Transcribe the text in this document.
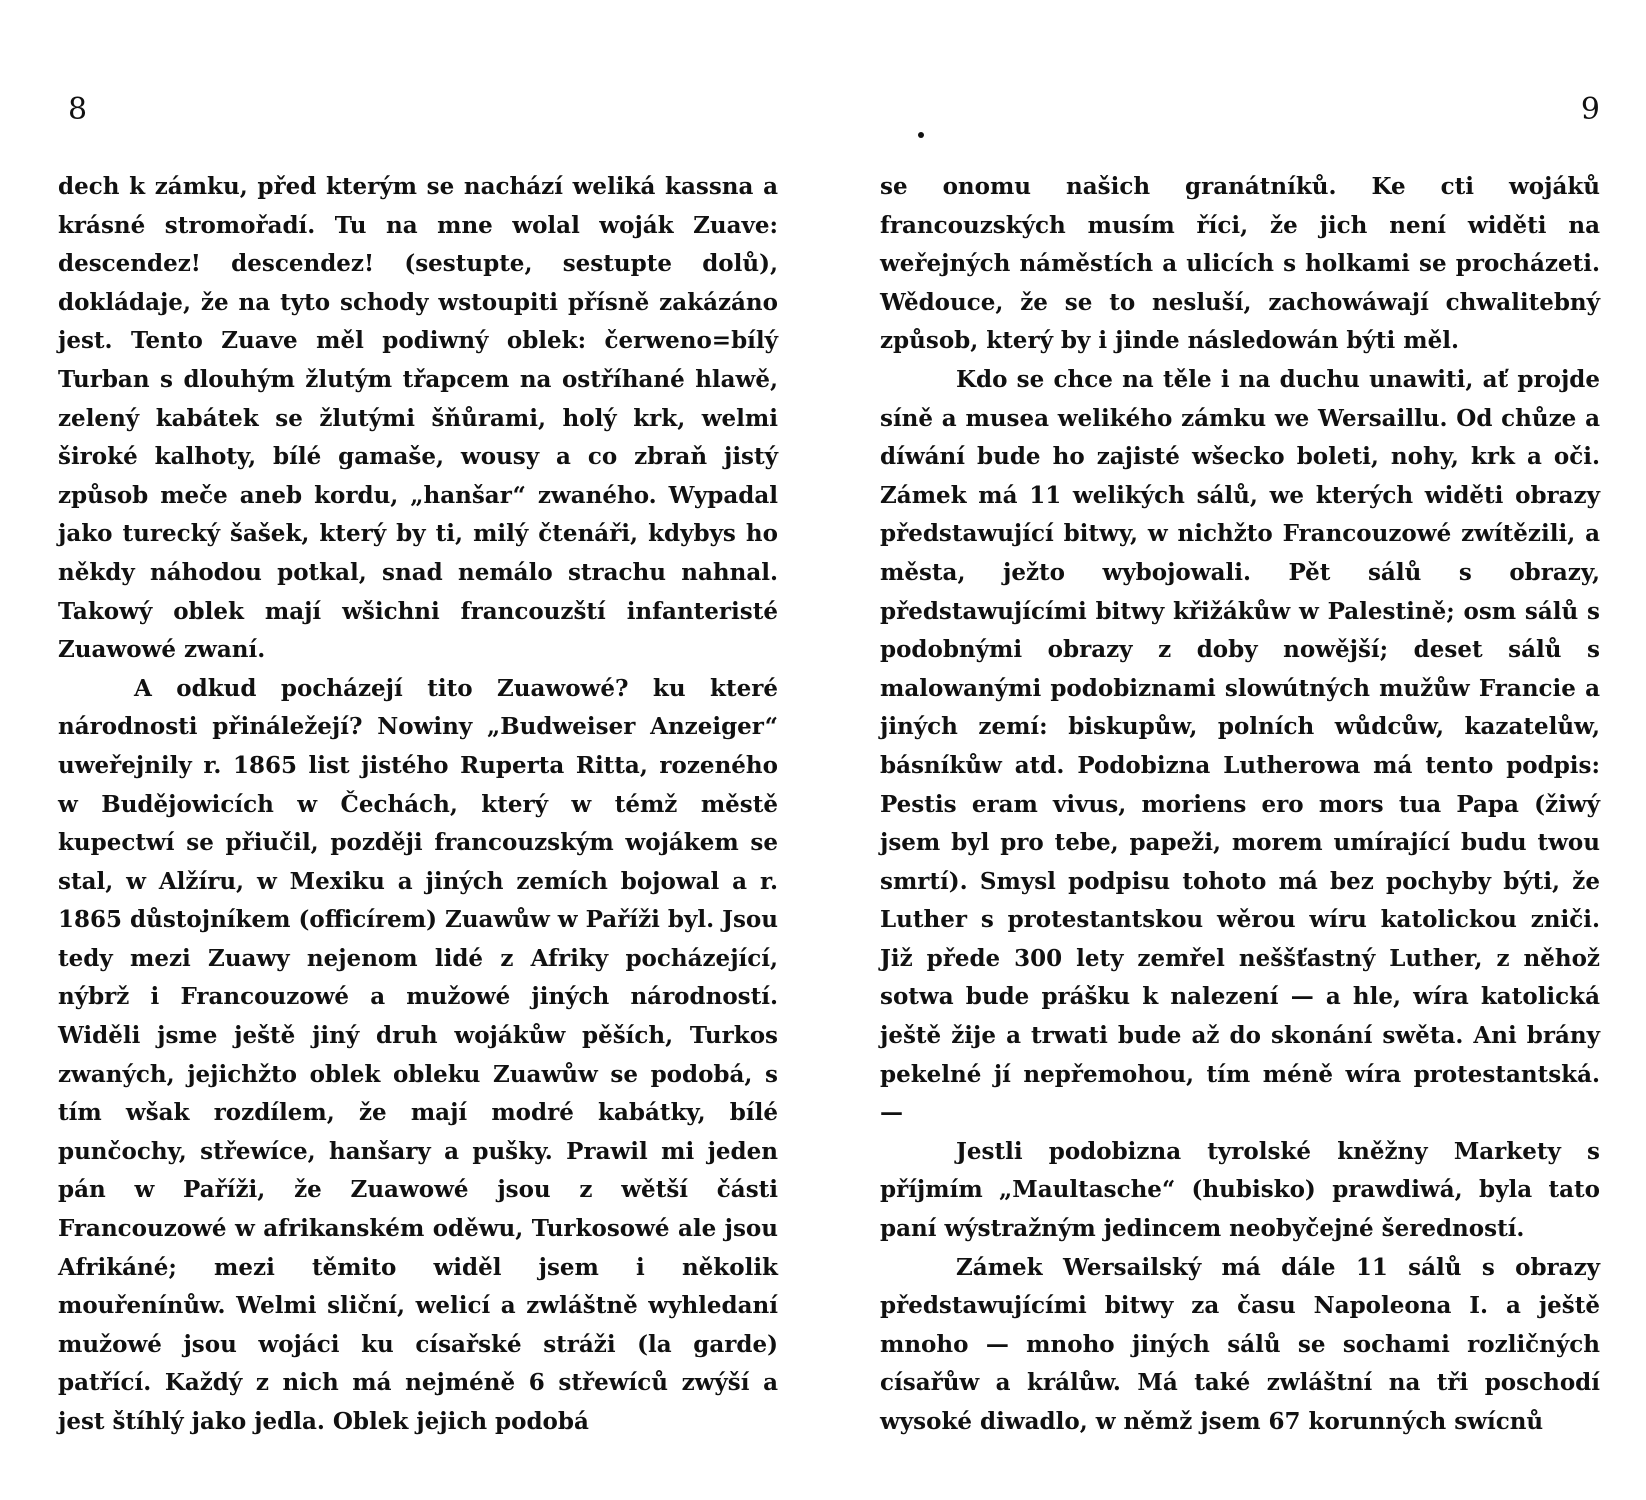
8

dech k zámku, před kterým se nachází weliká kassna a krásné stromořadí. Tu na mne wolal woják Zuave: descendez! descendez! (sestupte, sestupte dolů), dokládaje, že na tyto schody wstoupiti přísně zakázáno jest. Tento Zuave měl podiwný oblek: čerweno=bílý Turban s dlouhým žlutým třapcem na ostříhané hlawě, zelený kabátek se žlutými šňůrami, holý krk, welmi široké kalhoty, bílé gamaše, wousy a co zbraň jistý způsob meče aneb kordu, „hanšar“ zwaného. Wypadal jako turecký šašek, který by ti, milý čtenáři, kdybys ho někdy náhodou potkal, snad nemálo strachu nahnal. Takowý oblek mají wšichni francouzští infanteristé Zuawowé zwaní.

A odkud pocházejí tito Zuawowé? ku které národnosti přináležejí? Nowiny „Budweiser Anzeiger“ uweřejnily r. 1865 list jistého Ruperta Ritta, rozeného w Budějowicích w Čechách, který w témž městě kupectwí se přiučil, později francouzským wojákem se stal, w Alžíru, w Mexiku a jiných zemích bojowal a r. 1865 důstojníkem (officírem) Zuawůw w Paříži byl. Jsou tedy mezi Zuawy nejenom lidé z Afriky pocházející, nýbrž i Francouzowé a mužowé jiných národností. Widěli jsme ještě jiný druh wojákůw pěších, Turkos zwaných, jejichžto oblek obleku Zuawůw se podobá, s tím wšak rozdílem, že mají modré kabátky, bílé punčochy, střewíce, hanšary a pušky. Prawil mi jeden pán w Paříži, že Zuawowé jsou z wětší části Francouzowé w afrikanském oděwu, Turkosowé ale jsou Afrikáné; mezi těmito widěl jsem i několik mouřenínůw. Welmi sliční, welicí a zwláštně wyhledaní mužowé jsou wojáci ku císařské stráži (la garde) patřící. Každý z nich má nejméně 6 střewíců zwýší a jest štíhlý jako jedla. Oblek jejich podobá

9

se onomu našich granátníků. Ke cti wojáků francouzských musím říci, že jich není widěti na weřejných náměstích a ulicích s holkami se procházeti. Wědouce, že se to nesluší, zachowáwají chwalitebný způsob, který by i jinde následowán býti měl.

Kdo se chce na těle i na duchu unawiti, ať projde síně a musea welikého zámku we Wersaillu. Od chůze a díwání bude ho zajisté wšecko boleti, nohy, krk a oči. Zámek má 11 welikých sálů, we kterých widěti obrazy předstawující bitwy, w nichžto Francouzowé zwítězili, a města, ježto wybojowali. Pět sálů s obrazy, předstawujícími bitwy křižákůw w Palestině; osm sálů s podobnými obrazy z doby nowější; deset sálů s malowanými podobiznami slowútných mužůw Francie a jiných zemí: biskupůw, polních wůdcůw, kazatelůw, básníkůw atd. Podobizna Lutherowa má tento podpis: Pestis eram vivus, moriens ero mors tua Papa (žiwý jsem byl pro tebe, papeži, morem umírající budu twou smrtí). Smysl podpisu tohoto má bez pochyby býti, že Luther s protestantskou wěrou wíru katolickou zniči. Již přede 300 lety zemřel neššťastný Luther, z něhož sotwa bude prášku k nalezení — a hle, wíra katolická ještě žije a trwati bude až do skonání swěta. Ani brány pekelné jí nepřemohou, tím méně wíra protestantská. —

Jestli podobizna tyrolské kněžny Markety s příjmím „Maultasche“ (hubisko) prawdiwá, byla tato paní wýstražným jedincem neobyčejné šeredností.

Zámek Wersailský má dále 11 sálů s obrazy předstawujícími bitwy za času Napoleona I. a ještě mnoho — mnoho jiných sálů se sochami rozličných císařůw a králůw. Má také zwláštní na tři poschodí wysoké diwadlo, w němž jsem 67 korunných swícnů
